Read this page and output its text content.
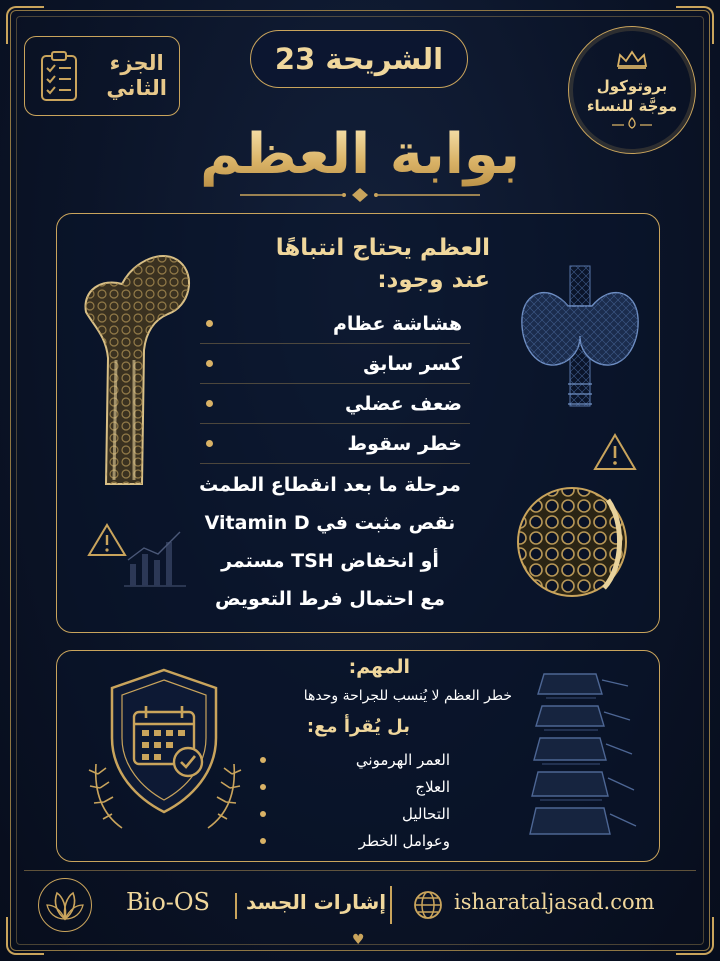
الجزء
الثاني
الشريحة 23
بروتوكول
موجَّة للنساء
بوابة العظم
العظم يحتاج انتباهًا
عند وجود:
هشاشة عظام
كسر سابق
ضعف عضلي
خطر سقوط
مرحلة ما بعد انقطاع الطمث
نقص مثبت في Vitamin D
أو انخفاض TSH مستمر
مع احتمال فرط التعويض
المهم:
خطر العظم لا يُنسب للجراحة وحدها
بل يُقرأ مع:
العمر الهرموني
العلاج
التحاليل
وعوامل الخطر
Bio-OS إشارات الجسد	isharataljasad.com
♥
